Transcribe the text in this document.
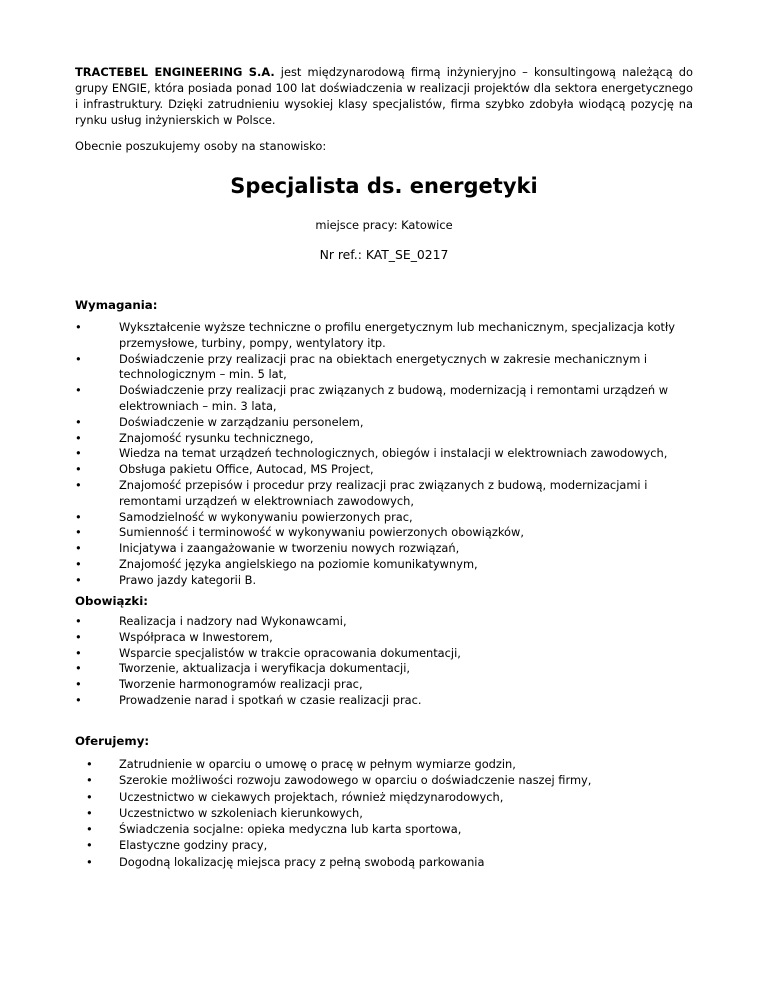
TRACTEBEL ENGINEERING S.A. jest międzynarodową firmą inżynieryjno – konsultingową należącą do grupy ENGIE, która posiada ponad 100 lat doświadczenia w realizacji projektów dla sektora energetycznego i infrastruktury. Dzięki zatrudnieniu wysokiej klasy specjalistów, firma szybko zdobyła wiodącą pozycję na rynku usług inżynierskich w Polsce.

Obecnie poszukujemy osoby na stanowisko:

Specjalista ds. energetyki

miejsce pracy: Katowice

Nr ref.: KAT_SE_0217

Wymagania:
•	Wykształcenie wyższe techniczne o profilu energetycznym lub mechanicznym, specjalizacja kotły przemysłowe, turbiny, pompy, wentylatory itp.
•	Doświadczenie przy realizacji prac na obiektach energetycznych w zakresie mechanicznym i technologicznym – min. 5 lat,
•	Doświadczenie przy realizacji prac związanych z budową, modernizacją i remontami urządzeń w elektrowniach – min. 3 lata,
•	Doświadczenie w zarządzaniu personelem,
•	Znajomość rysunku technicznego,
•	Wiedza na temat urządzeń technologicznych, obiegów i instalacji w elektrowniach zawodowych,
•	Obsługa pakietu Office, Autocad, MS Project,
•	Znajomość przepisów i procedur przy realizacji prac związanych z budową, modernizacjami i remontami urządzeń w elektrowniach zawodowych,
•	Samodzielność w wykonywaniu powierzonych prac,
•	Sumienność i terminowość w wykonywaniu powierzonych obowiązków,
•	Inicjatywa i zaangażowanie w tworzeniu nowych rozwiązań,
•	Znajomość języka angielskiego na poziomie komunikatywnym,
•	Prawo jazdy kategorii B.
Obowiązki:
•	Realizacja i nadzory nad Wykonawcami,
•	Współpraca w Inwestorem,
•	Wsparcie specjalistów w trakcie opracowania dokumentacji,
•	Tworzenie, aktualizacja i weryfikacja dokumentacji,
•	Tworzenie harmonogramów realizacji prac,
•	Prowadzenie narad i spotkań w czasie realizacji prac.
Oferujemy:
• Zatrudnienie w oparciu o umowę o pracę w pełnym wymiarze godzin,
• Szerokie możliwości rozwoju zawodowego w oparciu o doświadczenie naszej firmy,
• Uczestnictwo w ciekawych projektach, również międzynarodowych,
• Uczestnictwo w szkoleniach kierunkowych,
• Świadczenia socjalne: opieka medyczna lub karta sportowa,
• Elastyczne godziny pracy,
• Dogodną lokalizację miejsca pracy z pełną swobodą parkowania
